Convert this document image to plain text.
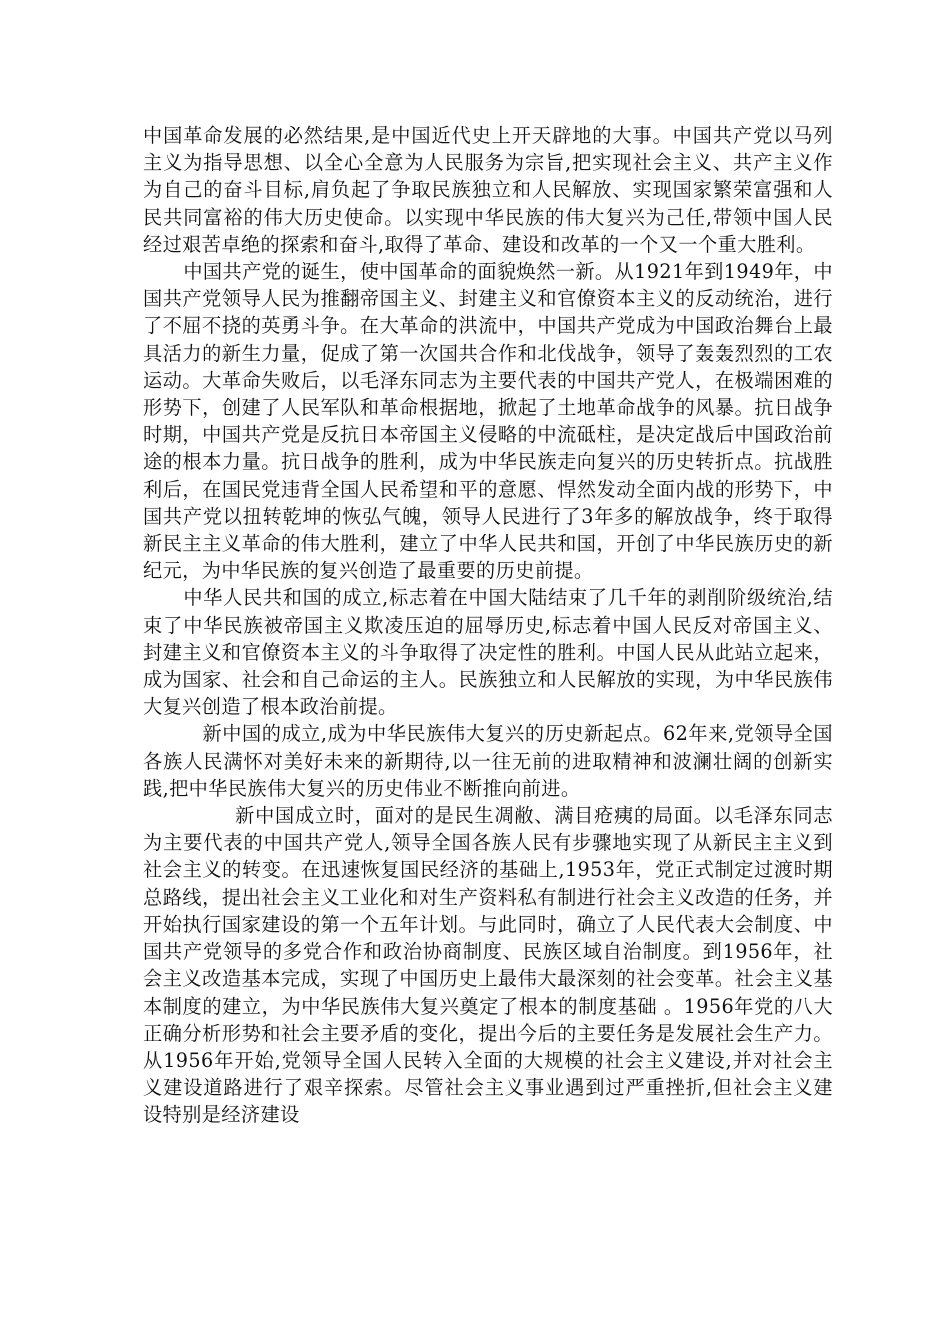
中国革命发展的必然结果,是中国近代史上开天辟地的大事。中国共产党以马列主义为指导思想、以全心全意为人民服务为宗旨,把实现社会主义、共产主义作为自己的奋斗目标,肩负起了争取民族独立和人民解放、实现国家繁荣富强和人民共同富裕的伟大历史使命。以实现中华民族的伟大复兴为己任,带领中国人民经过艰苦卓绝的探索和奋斗,取得了革命、建设和改革的一个又一个重大胜利。

中国共产党的诞生，使中国革命的面貌焕然一新。从1921年到1949年，中国共产党领导人民为推翻帝国主义、封建主义和官僚资本主义的反动统治，进行了不屈不挠的英勇斗争。在大革命的洪流中，中国共产党成为中国政治舞台上最具活力的新生力量，促成了第一次国共合作和北伐战争，领导了轰轰烈烈的工农运动。大革命失败后，以毛泽东同志为主要代表的中国共产党人，在极端困难的形势下，创建了人民军队和革命根据地，掀起了土地革命战争的风暴。抗日战争时期，中国共产党是反抗日本帝国主义侵略的中流砥柱，是决定战后中国政治前途的根本力量。抗日战争的胜利，成为中华民族走向复兴的历史转折点。抗战胜利后，在国民党违背全国人民希望和平的意愿、悍然发动全面内战的形势下，中国共产党以扭转乾坤的恢弘气魄，领导人民进行了3年多的解放战争，终于取得新民主主义革命的伟大胜利，建立了中华人民共和国，开创了中华民族历史的新纪元，为中华民族的复兴创造了最重要的历史前提。

中华人民共和国的成立,标志着在中国大陆结束了几千年的剥削阶级统治,结束了中华民族被帝国主义欺凌压迫的屈辱历史,标志着中国人民反对帝国主义、封建主义和官僚资本主义的斗争取得了决定性的胜利。中国人民从此站立起来，成为国家、社会和自己命运的主人。民族独立和人民解放的实现，为中华民族伟大复兴创造了根本政治前提。

新中国的成立,成为中华民族伟大复兴的历史新起点。62年来,党领导全国各族人民满怀对美好未来的新期待,以一往无前的进取精神和波澜壮阔的创新实践,把中华民族伟大复兴的历史伟业不断推向前进。

新中国成立时，面对的是民生凋敝、满目疮痍的局面。以毛泽东同志为主要代表的中国共产党人,领导全国各族人民有步骤地实现了从新民主主义到社会主义的转变。在迅速恢复国民经济的基础上,1953年，党正式制定过渡时期总路线，提出社会主义工业化和对生产资料私有制进行社会主义改造的任务，并开始执行国家建设的第一个五年计划。与此同时，确立了人民代表大会制度、中国共产党领导的多党合作和政治协商制度、民族区域自治制度。到1956年，社会主义改造基本完成，实现了中国历史上最伟大最深刻的社会变革。社会主义基本制度的建立，为中华民族伟大复兴奠定了根本的制度基础 。1956年党的八大正确分析形势和社会主要矛盾的变化，提出今后的主要任务是发展社会生产力。从1956年开始,党领导全国人民转入全面的大规模的社会主义建设,并对社会主义建设道路进行了艰辛探索。尽管社会主义事业遇到过严重挫折,但社会主义建设特别是经济建设
